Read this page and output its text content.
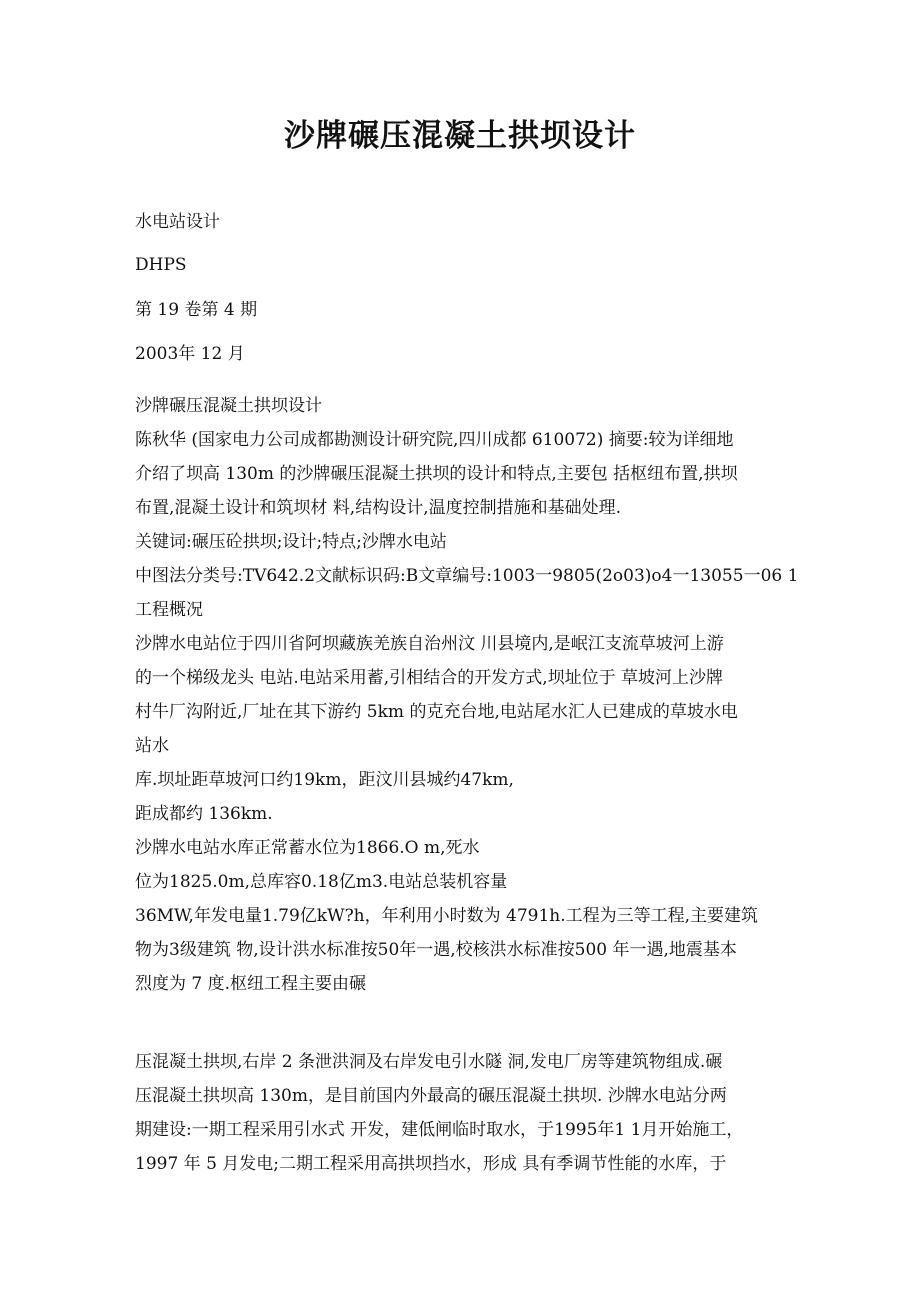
沙牌碾压混凝土拱坝设计
水电站设计
DHPS
第 19 卷第 4 期
2003年 12 月
沙牌碾压混凝土拱坝设计
陈秋华 (国家电力公司成都勘测设计研究院,四川成都 610072) 摘要:较为详细地
介绍了坝高 130m 的沙牌碾压混凝土拱坝的设计和特点,主要包 括枢纽布置,拱坝
布置,混凝土设计和筑坝材 料,结构设计,温度控制措施和基础处理.
关键词:碾压砼拱坝;设计;特点;沙牌水电站
中图法分类号:TV642.2文献标识码:B文章编号:1003一9805(2o03)o4一13055一06 1
工程概况
沙牌水电站位于四川省阿坝藏族羌族自治州汶 川县境内,是岷江支流草坡河上游
的一个梯级龙头 电站.电站采用蓄,引相结合的开发方式,坝址位于 草坡河上沙牌
村牛厂沟附近,厂址在其下游约 5km 的克充台地,电站尾水汇人已建成的草坡水电
站水
库.坝址距草坡河口约19km，距汶川县城约47km,
距成都约 136km.
沙牌水电站水库正常蓄水位为1866.O m,死水
位为1825.0m,总库容0.18亿m3.电站总装机容量
36MW,年发电量1.79亿kW?h，年利用小时数为 4791h.工程为三等工程,主要建筑
物为3级建筑 物,设计洪水标准按50年一遇,校核洪水标准按500 年一遇,地震基本
烈度为 7 度.枢纽工程主要由碾
压混凝土拱坝,右岸 2 条泄洪洞及右岸发电引水隧 洞,发电厂房等建筑物组成.碾
压混凝土拱坝高 130m，是目前国内外最高的碾压混凝土拱坝. 沙牌水电站分两
期建设:一期工程采用引水式 开发，建低闸临时取水，于1995年1 1月开始施工，
1997 年 5 月发电;二期工程采用高拱坝挡水，形成 具有季调节性能的水库，于
